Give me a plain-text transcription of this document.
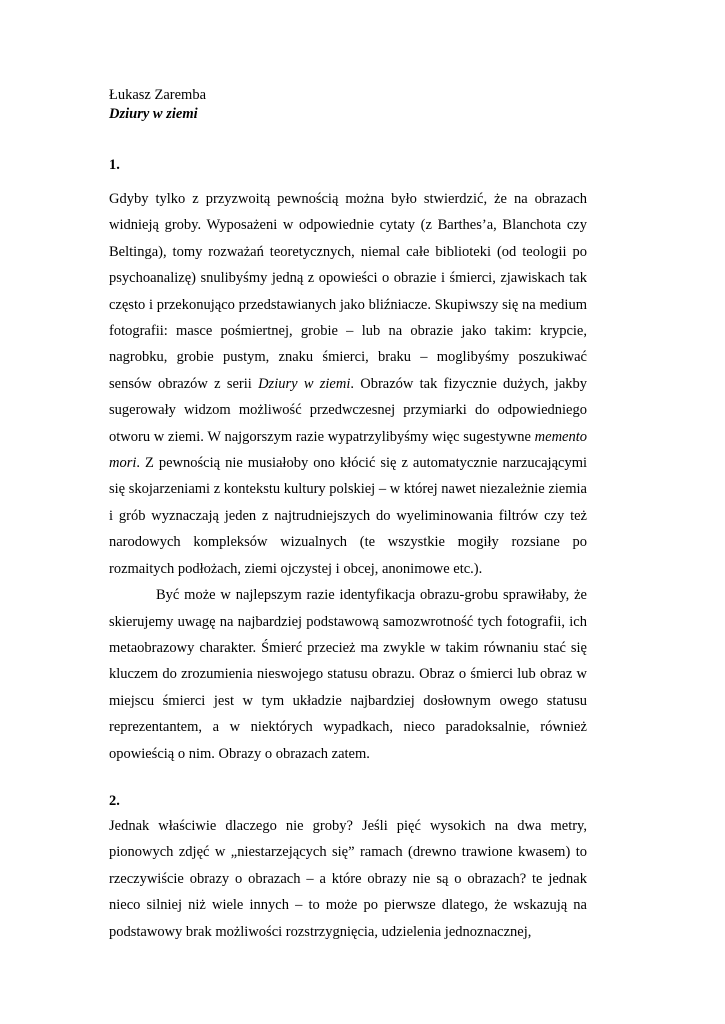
Łukasz Zaremba

Dziury w ziemi

1.

Gdyby tylko z przyzwoitą pewnością można było stwierdzić, że na obrazach widnieją groby. Wyposażeni w odpowiednie cytaty (z Barthes’a, Blanchota czy Beltinga), tomy rozważań teoretycznych, niemal całe biblioteki (od teologii po psychoanalizę) snulibyśmy jedną z opowieści o obrazie i śmierci, zjawiskach tak często i przekonująco przedstawianych jako bliźniacze. Skupiwszy się na medium fotografii: masce pośmiertnej, grobie – lub na obrazie jako takim: krypcie, nagrobku, grobie pustym, znaku śmierci, braku – moglibyśmy poszukiwać sensów obrazów z serii Dziury w ziemi. Obrazów tak fizycznie dużych, jakby sugerowały widzom możliwość przedwczesnej przymiarki do odpowiedniego otworu w ziemi. W najgorszym razie wypatrzylibyśmy więc sugestywne memento mori. Z pewnością nie musiałoby ono kłócić się z automatycznie narzucającymi się skojarzeniami z kontekstu kultury polskiej – w której nawet niezależnie ziemia i grób wyznaczają jeden z najtrudniejszych do wyeliminowania filtrów czy też narodowych kompleksów wizualnych (te wszystkie mogiły rozsiane po rozmaitych podłożach, ziemi ojczystej i obcej, anonimowe etc.).

Być może w najlepszym razie identyfikacja obrazu-grobu sprawiłaby, że skierujemy uwagę na najbardziej podstawową samozwrotność tych fotografii, ich metaobrazowy charakter. Śmierć przecież ma zwykle w takim równaniu stać się kluczem do zrozumienia nieswojego statusu obrazu. Obraz o śmierci lub obraz w miejscu śmierci jest w tym układzie najbardziej dosłownym owego statusu reprezentantem, a w niektórych wypadkach, nieco paradoksalnie, również opowieścią o nim. Obrazy o obrazach zatem.

2.

Jednak właściwie dlaczego nie groby? Jeśli pięć wysokich na dwa metry, pionowych zdjęć w „niestarzejących się” ramach (drewno trawione kwasem) to rzeczywiście obrazy o obrazach – a które obrazy nie są o obrazach? te jednak nieco silniej niż wiele innych – to może po pierwsze dlatego, że wskazują na podstawowy brak możliwości rozstrzygnięcia, udzielenia jednoznacznej,
